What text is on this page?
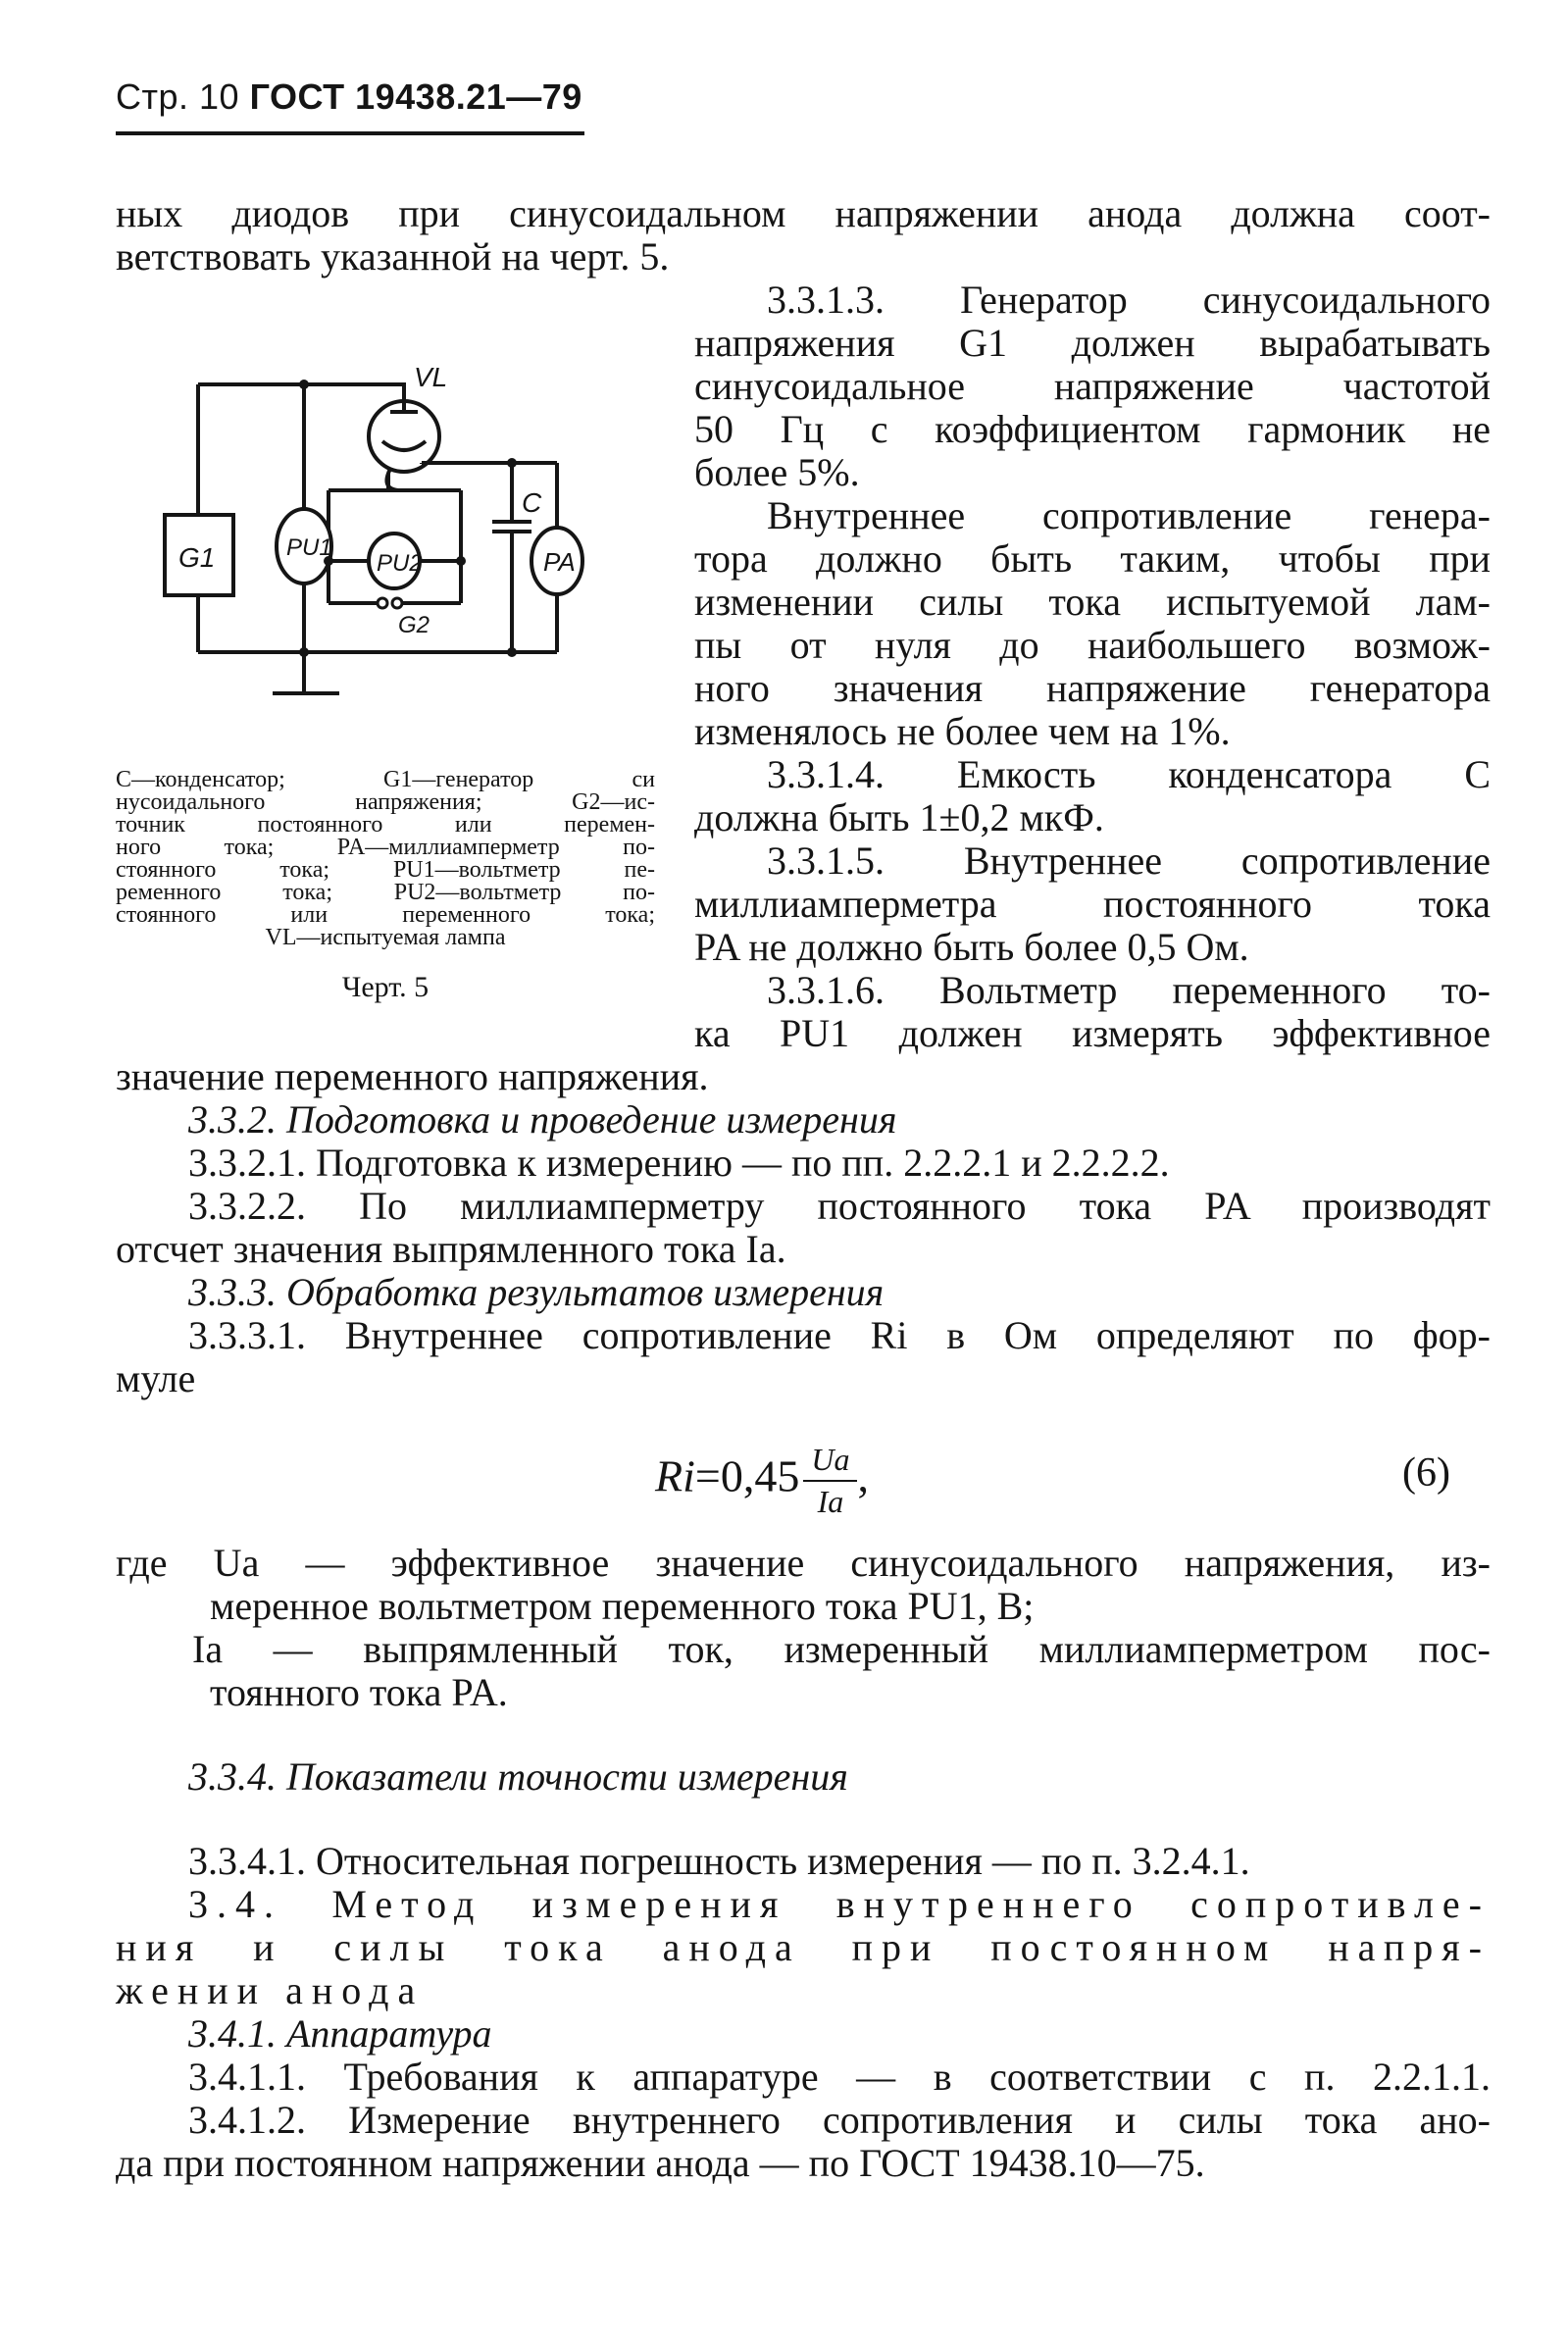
Стр. 10 ГОСТ 19438.21—79
ных диодов при синусоидальном напряжении анода должна соот-
ветствовать указанной на черт. 5.
3.3.1.3. Генератор синусоидального
напряжения G1 должен вырабатывать
синусоидальное напряжение частотой
50 Гц с коэффициентом гармоник не
более 5%.
Внутреннее сопротивление генера-
тора должно быть таким, чтобы при
изменении силы тока испытуемой лам-
пы от нуля до наибольшего возмож-
ного значения напряжение генератора
изменялось не более чем на 1%.
3.3.1.4. Емкость конденсатора C
должна быть 1±0,2 мкФ.
3.3.1.5. Внутреннее сопротивление
миллиамперметра постоянного тока
PA не должно быть более 0,5 Ом.
3.3.1.6. Вольтметр переменного то-
ка PU1 должен измерять эффективное
VL
G1	PU1
PU2
C
PA
G2
C—конденсатор; G1—генератор си
нусоидального напряжения; G2—ис-
точник постоянного или перемен-
ного тока; PA—миллиамперметр по-
стоянного тока; PU1—вольтметр пе-
ременного тока; PU2—вольтметр по-
стоянного или переменного тока;
VL—испытуемая лампа
Черт. 5
значение переменного напряжения.
3.3.2. Подготовка и проведение измерения
3.3.2.1. Подготовка к измерению — по пп. 2.2.2.1 и 2.2.2.2.
3.3.2.2. По миллиамперметру постоянного тока PA производят
отсчет значения выпрямленного тока Ia.
3.3.3. Обработка результатов измерения
3.3.3.1. Внутреннее сопротивление Ri в Ом определяют по фор-
муле
$Ri=0,45 \frac{Ua}{Ia}$ ,	(6)
где Ua — эффективное значение синусоидального напряжения, из-
меренное вольтметром переменного тока PU1, В;
Ia — выпрямленный ток, измеренный миллиамперметром пос-
тоянного тока PA.
3.3.4. Показатели точности измерения
3.3.4.1. Относительная погрешность измерения — по п. 3.2.4.1.
3.4. Метод измерения внутреннего сопротивле-
ния и силы тока анода при постоянном напря-
жении анода
3.4.1. Аппаратура
3.4.1.1. Требования к аппаратуре — в соответствии с п. 2.2.1.1.
3.4.1.2. Измерение внутреннего сопротивления и силы тока ано-
да при постоянном напряжении анода — по ГОСТ 19438.10—75.
